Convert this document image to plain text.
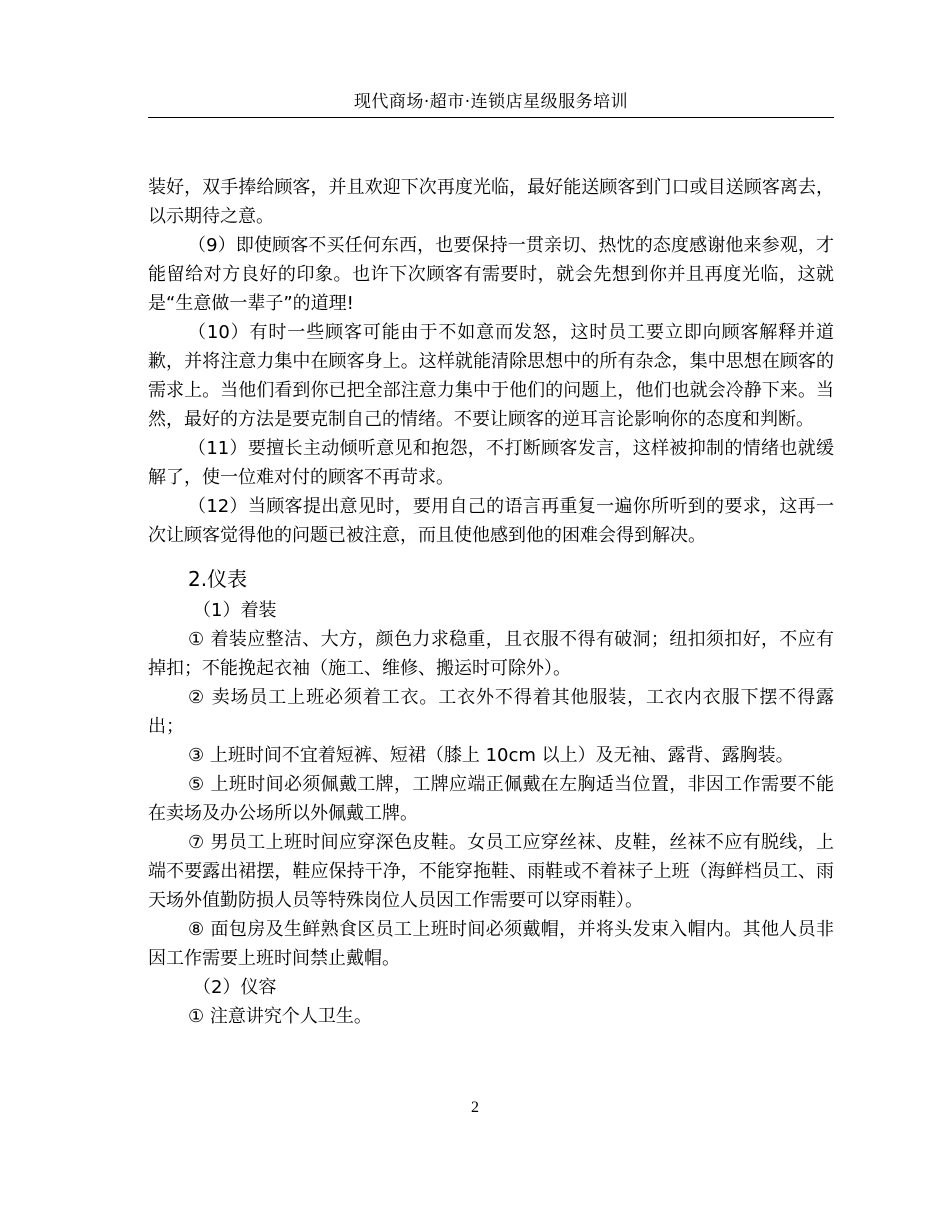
现代商场·超市·连锁店星级服务培训

装好，双手捧给顾客，并且欢迎下次再度光临，最好能送顾客到门口或目送顾客离去，以示期待之意。

（9）即使顾客不买任何东西，也要保持一贯亲切、热忱的态度感谢他来参观，才能留给对方良好的印象。也许下次顾客有需要时，就会先想到你并且再度光临，这就是“生意做一辈子”的道理!

（10）有时一些顾客可能由于不如意而发怒，这时员工要立即向顾客解释并道歉，并将注意力集中在顾客身上。这样就能清除思想中的所有杂念，集中思想在顾客的需求上。当他们看到你已把全部注意力集中于他们的问题上，他们也就会冷静下来。当然，最好的方法是要克制自己的情绪。不要让顾客的逆耳言论影响你的态度和判断。

（11）要擅长主动倾听意见和抱怨，不打断顾客发言，这样被抑制的情绪也就缓解了，使一位难对付的顾客不再苛求。

（12）当顾客提出意见时，要用自己的语言再重复一遍你所听到的要求，这再一次让顾客觉得他的问题已被注意，而且使他感到他的困难会得到解决。

2.仪表
（1）着装

① 着装应整洁、大方，颜色力求稳重，且衣服不得有破洞；纽扣须扣好，不应有掉扣；不能挽起衣袖（施工、维修、搬运时可除外）。

② 卖场员工上班必须着工衣。工衣外不得着其他服装，工衣内衣服下摆不得露出；

③ 上班时间不宜着短裤、短裙（膝上 10cm 以上）及无袖、露背、露胸装。

⑤ 上班时间必须佩戴工牌，工牌应端正佩戴在左胸适当位置，非因工作需要不能在卖场及办公场所以外佩戴工牌。

⑦ 男员工上班时间应穿深色皮鞋。女员工应穿丝袜、皮鞋，丝袜不应有脱线，上端不要露出裙摆，鞋应保持干净，不能穿拖鞋、雨鞋或不着袜子上班（海鲜档员工、雨天场外值勤防损人员等特殊岗位人员因工作需要可以穿雨鞋）。

⑧ 面包房及生鲜熟食区员工上班时间必须戴帽，并将头发束入帽内。其他人员非因工作需要上班时间禁止戴帽。

（2）仪容

① 注意讲究个人卫生。

2
